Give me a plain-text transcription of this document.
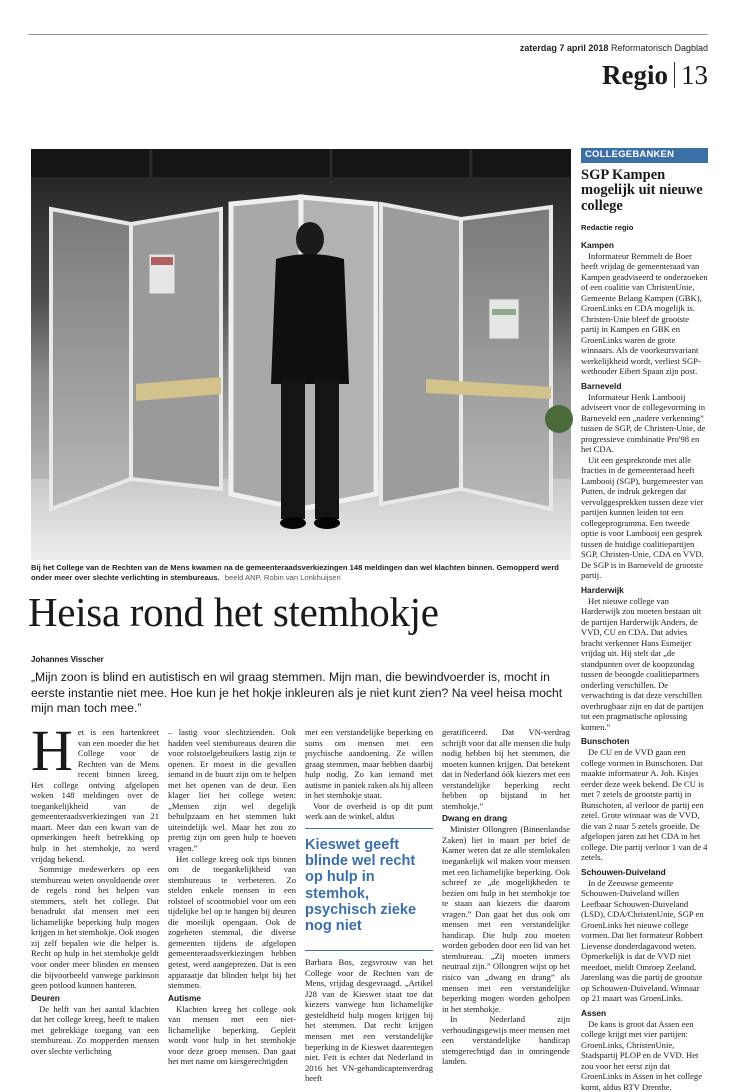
zaterdag 7 april 2018 Reformatorisch Dagblad
Regio 13
Bij het College van de Rechten van de Mens kwamen na de gemeenteraadsverkiezingen 148 meldingen dan wel klachten binnen. Gemopperd werd onder meer over slechte verlichting in stembureaus. beeld ANP, Robin van Lonkhuijsen
Heisa rond het stemhokje
Johannes Visscher
„Mijn zoon is blind en autistisch en wil graag stemmen. Mijn man, die bewindvoerder is, mocht in eerste instantie niet mee. Hoe kun je het hokje inkleuren als je niet kunt zien? Na veel heisa mocht mijn man toch mee.”

Het is een hartenkreet van een moeder die het College voor de Rechten van de Mens recent binnen kreeg. Het college ontving afgelopen weken 148 meldingen over de toegankelijkheid van de gemeenteraadsverkiezingen van 21 maart. Meer dan een kwart van de opmerkingen heeft betrekking op hulp in het stemhokje, zo werd vrijdag bekend.

Sommige medewerkers op een stembureau weten onvoldoende over de regels rond het helpen van stemmers, stelt het college. Dat benadrukt dat mensen met een lichamelijke beperking hulp mogen krijgen in het stemhokje. Ook mogen zij zelf bepalen wie die helper is. Recht op hulp in het stemhokje geldt voor onder meer blinden en mensen die bijvoorbeeld vanwege parkinson geen potlood kunnen hanteren.

Deuren

De helft van het aantal klachten dat het college kreeg, heeft te maken met gebrekkige toegang van een stembureau. Zo mopperden mensen over slechte verlichting

– lastig voor slechtzienden. Ook hadden veel stembureaus deuren die voor rolstoelgebruikers lastig zijn te openen. Er moest in die gevallen iemand in de buurt zijn om te helpen met het openen van de deur. Een klager liet het college weten: „Mensen zijn wel degelijk behulpzaam en het stemmen lukt uiteindelijk wel. Maar het zou zo prettig zijn om geen hulp te hoeven vragen.”

Het college kreeg ook tips binnen om de toegankelijkheid van stembureaus te verbeteren. Zo stelden enkele mensen in een rolstoel of scootmobiel voor om een tijdelijke bel op te hangen bij deuren die moeilijk opengaan. Ook de zogeheten stemmal, die diverse gemeenten tijdens de afgelopen gemeenteraadsverkiezingen hebben getest, werd aangeprezen. Dat is een apparaatje dat blinden helpt bij het stemmen.

Autisme

Klachten kreeg het college ook van mensen met een niet-lichamelijke beperking. Gepleit wordt voor hulp in het stemhokje voor deze groep mensen. Dan gaat het met name om kiesgerechtigden

met een verstandelijke beperking en soms om mensen met een psychische aandoening. Ze willen graag stemmen, maar hebben daarbij hulp nodig. Zo kan iemand met autisme in paniek raken als hij alleen in het stemhokje staat.

Voor de overheid is op dit punt werk aan de winkel, aldus

Kieswet geeft blinde wel recht op hulp in stemhok, psychisch zieke nog niet

Barbara Bos, zegsvrouw van het College voor de Rechten van de Mens, vrijdag desgevraagd. „Artikel J28 van de Kieswet staat toe dat kiezers vanwege hun lichamelijke gesteldheid hulp mogen krijgen bij het stemmen. Dat recht krijgen mensen met een verstandelijke beperking in de Kieswet daarentegen niet. Feit is echter dat Nederland in 2016 het VN-gehandicaptenverdrag heeft

geratificeerd. Dat VN-verdrag schrijft voor dat alle mensen die hulp nodig hebben bij het stemmen, die moeten kunnen krijgen. Dat betekent dat in Nederland óók kiezers met een verstandelijke beperking recht hebben op bijstand in het stemhokje.”

Dwang en drang

Minister Ollongren (Binnenlandse Zaken) liet in maart per brief de Kamer weten dat ze alle stemlokalen toegankelijk wil maken voor mensen met een lichamelijke beperking. Ook schreef ze „de mogelijkheden te bezien om hulp in het stemhokje toe te staan aan kiezers die daarom vragen.” Dan gaat het dus ook om mensen met een verstandelijke handicap. Die hulp zou moeten worden geboden door een lid van het stembureau. „Zij moeten immers neutraal zijn.” Ollongren wijst op het risico van „dwang en drang” als mensen met een verstandelijke beperking mogen worden geholpen in het stemhokje.

In Nederland zijn verhoudingsgewijs meer mensen met een verstandelijke handicap stemgerechtigd dan in omringende landen.

COLLEGEBANKEN
SGP Kampen mogelijk uit nieuwe college
Redactie regio
Kampen

Informateur Remmelt de Boer heeft vrijdag de gemeenteraad van Kampen geadviseerd te onderzoeken of een coalitie van ChristenUnie, Gemeente Belang Kampen (GBK), GroenLinks en CDA mogelijk is. Christen-Unie bleef de grootste partij in Kampen en GBK en GroenLinks waren de grote winnaars. Als de voorkeursvariant werkelijkheid wordt, verliest SGP-wethouder Eibert Spaan zijn post.

Barneveld

Informateur Henk Lambooij adviseert voor de collegevorming in Barneveld een „nadere verkenning” tussen de SGP, de Christen-Unie, de progressieve combinatie Pro'98 en het CDA.

Uit een gesprekronde met alle fracties in de gemeenteraad heeft Lambooij (SGP), burgemeester van Putten, de indruk gekregen dat vervolggesprekken tussen deze vier partijen kunnen leiden tot een collegeprogramma. Een tweede optie is voor Lambooij een gesprek tussen de huidige coalitiepartijen SGP, Christen-Unie, CDA en VVD. De SGP is in Barneveld de grootste partij.

Harderwijk

Het nieuwe college van Harderwijk zou moeten bestaan uit de partijen Harderwijk Anders, de VVD, CU en CDA. Dat advies bracht verkenner Hans Esmeijer vrijdag uit. Hij stelt dat „de standpunten over de koopzondag tussen de beoogde coalitiepartners onderling verschillen. De verwachting is dat deze verschillen overbrugbaar zijn en dat de partijen tot een pragmatische oplossing komen.”

Bunschoten

De CU en de VVD gaan een college vormen in Bunschoten. Dat maakte informateur A. Joh. Kisjes eerder deze week bekend. De CU is met 7 zetels de grootste partij in Bunschoten, al verloor de partij een zetel. Grote winnaar was de VVD, die van 2 naar 5 zetels groeide. De afgelopen jaren zat het CDA in het college. Die partij verloor 1 van de 4 zetels.

Schouwen-Duiveland

In de Zeeuwse gemeente Schouwen-Duiveland willen Leefbaar Schouwen-Duiveland (LSD), CDA/ChristenUnie, SGP en GroenLinks het nieuwe college vormen. Dat liet formateur Robbert Lievense donderdagavond weten. Opmerkelijk is dat de VVD niet meedoet, meldt Omroep Zeeland. Jarenlang was die partij de grootste op Schouwen-Duiveland. Winnaar op 21 maart was GroenLinks.

Assen

De kans is groot dat Assen een college krijgt met vier partijen: GroenLinks, ChristenUnie, Stadspartij PLOP en de VVD. Het zou voor het eerst zijn dat GroenLinks in Assen in het college komt, aldus RTV Drenthe.
